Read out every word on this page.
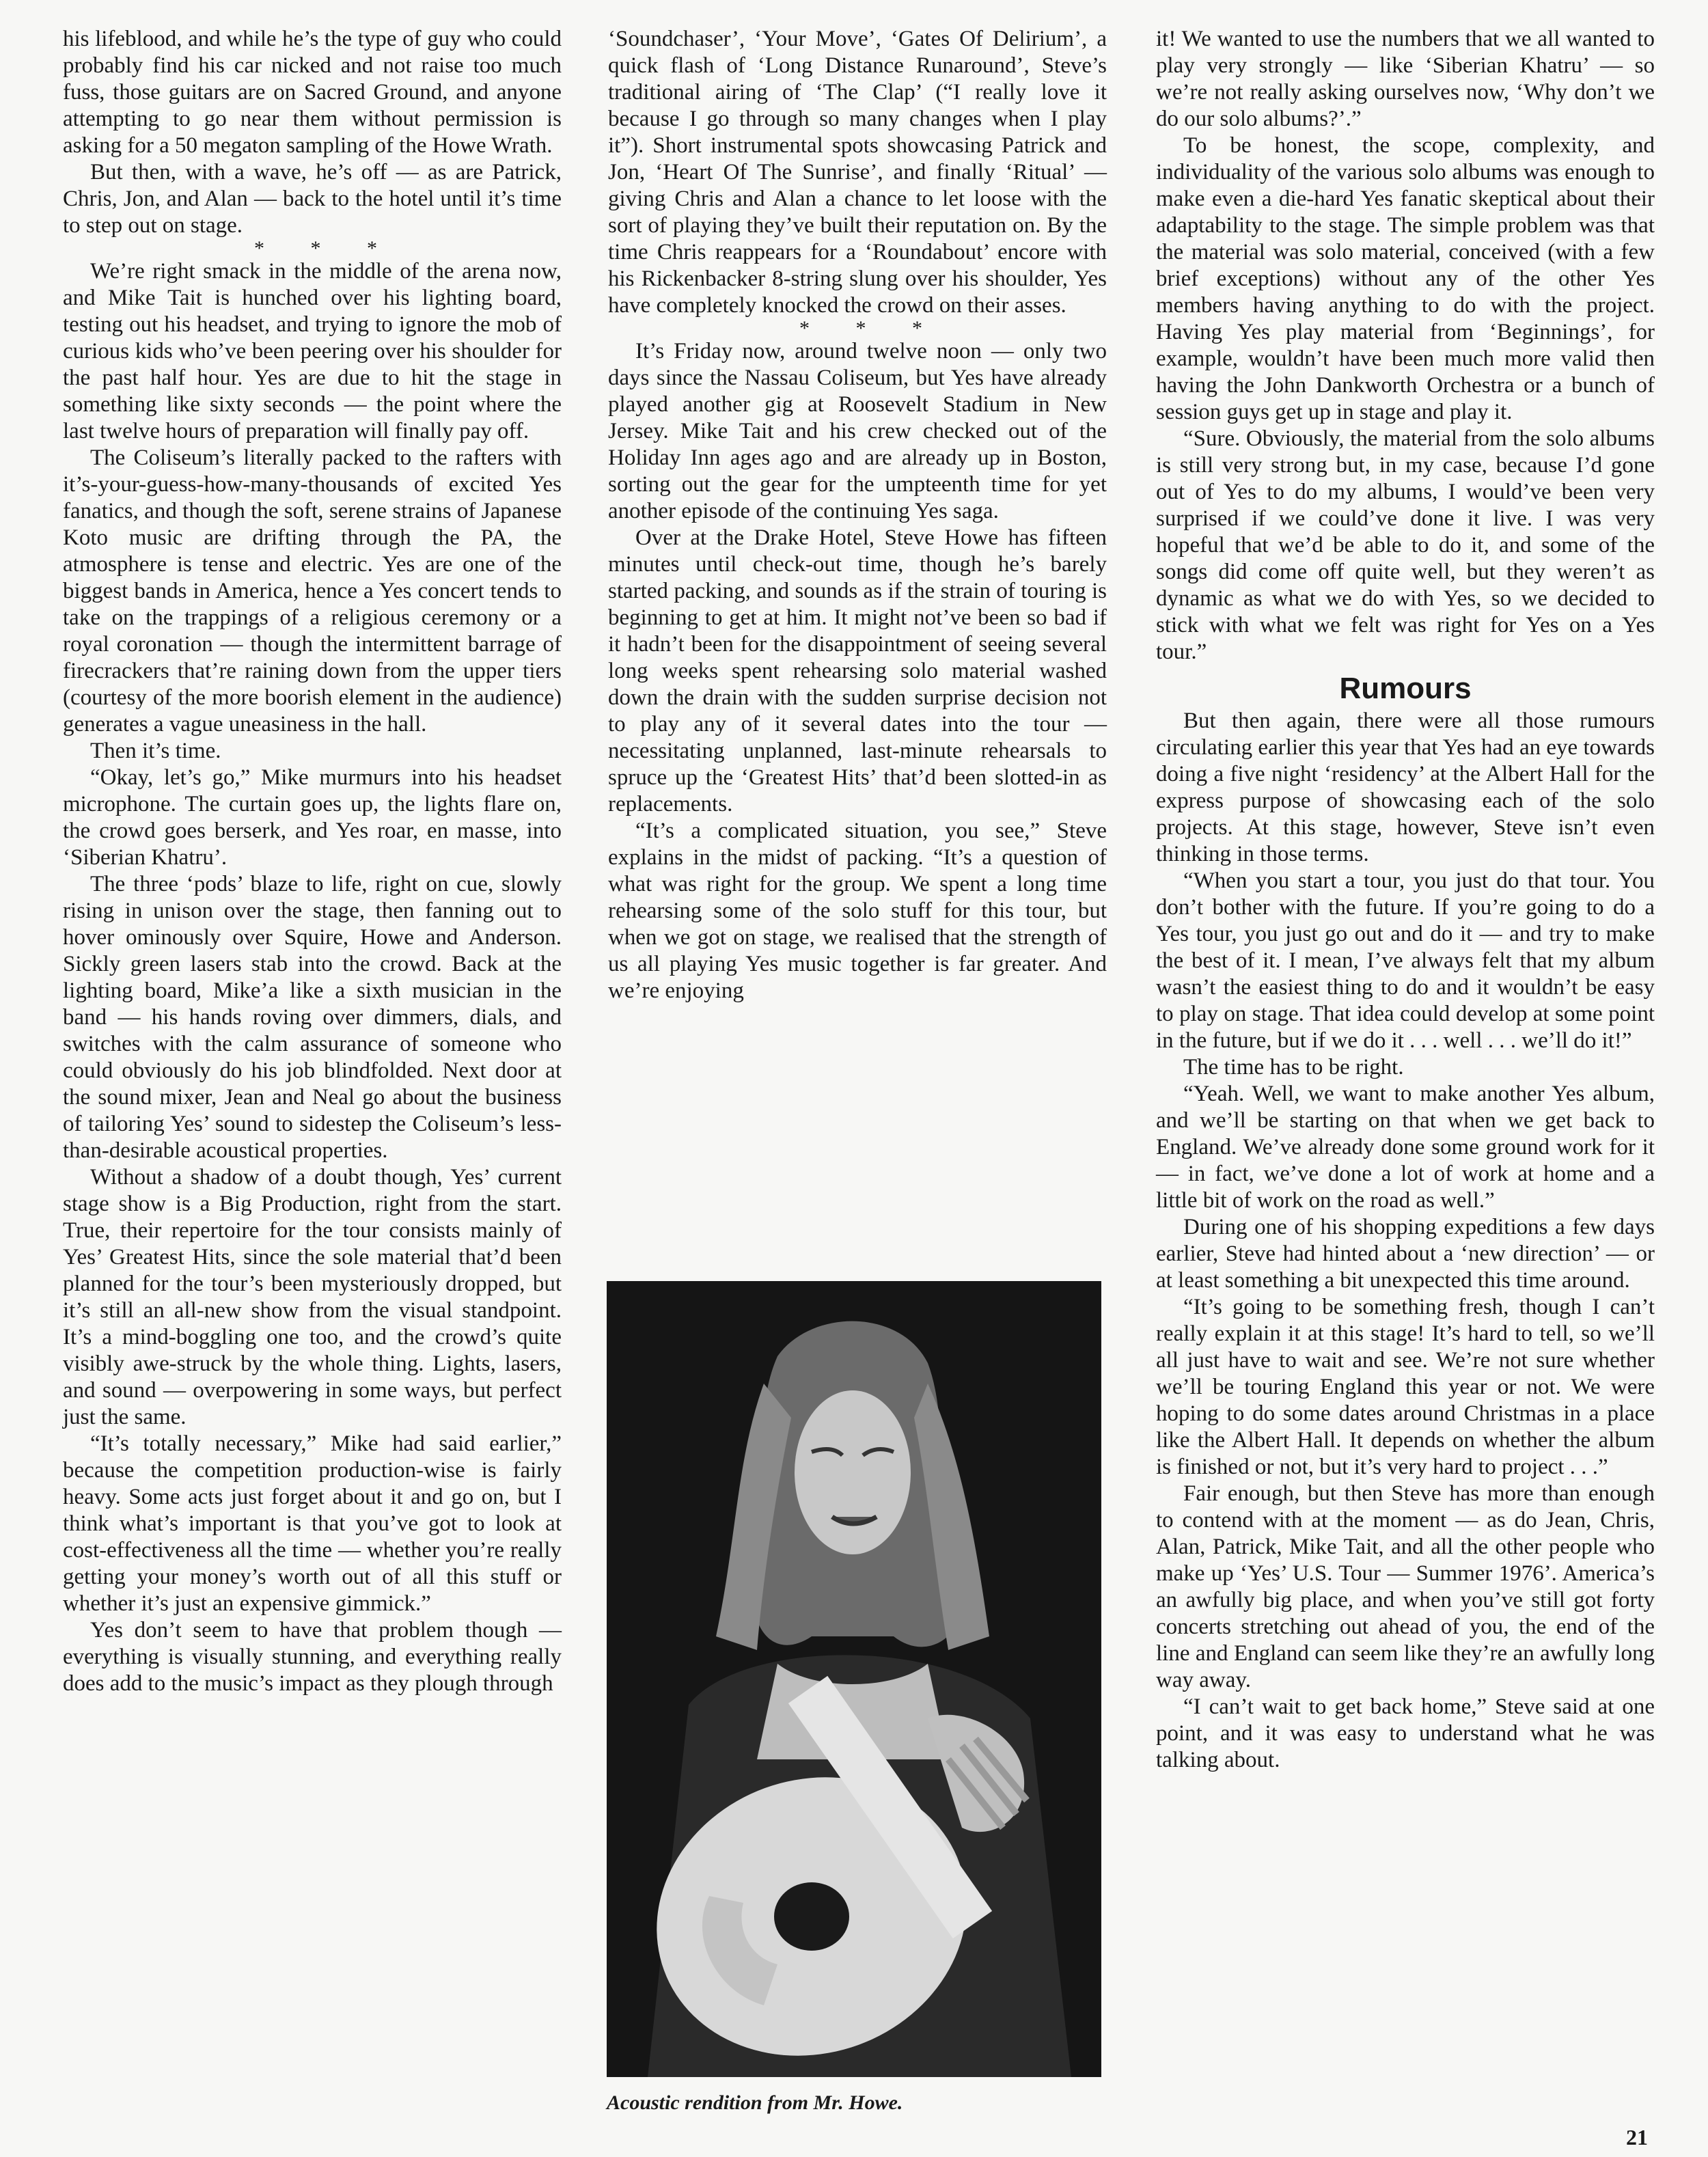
his lifeblood, and while he’s the type of guy who could probably find his car nicked and not raise too much fuss, those guitars are on Sacred Ground, and anyone attempting to go near them without permission is asking for a 50 megaton sampling of the Howe Wrath.

But then, with a wave, he’s off — as are Patrick, Chris, Jon, and Alan — back to the hotel until it’s time to step out on stage.

* * *

We’re right smack in the middle of the arena now, and Mike Tait is hunched over his lighting board, testing out his headset, and trying to ignore the mob of curious kids who’ve been peering over his shoulder for the past half hour. Yes are due to hit the stage in something like sixty seconds — the point where the last twelve hours of preparation will finally pay off.

The Coliseum’s literally packed to the rafters with it’s-your-guess-how-many-thousands of excited Yes fanatics, and though the soft, serene strains of Japanese Koto music are drifting through the PA, the atmosphere is tense and electric. Yes are one of the biggest bands in America, hence a Yes concert tends to take on the trappings of a religious ceremony or a royal coronation — though the intermittent barrage of firecrackers that’re raining down from the upper tiers (courtesy of the more boorish element in the audience) generates a vague uneasiness in the hall.

Then it’s time.

“Okay, let’s go,” Mike murmurs into his headset microphone. The curtain goes up, the lights flare on, the crowd goes berserk, and Yes roar, en masse, into ‘Siberian Khatru’.

The three ‘pods’ blaze to life, right on cue, slowly rising in unison over the stage, then fanning out to hover ominously over Squire, Howe and Anderson. Sickly green lasers stab into the crowd. Back at the lighting board, Mike’a like a sixth musician in the band — his hands roving over dimmers, dials, and switches with the calm assurance of someone who could obviously do his job blindfolded. Next door at the sound mixer, Jean and Neal go about the business of tailoring Yes’ sound to sidestep the Coliseum’s less-than-desirable acoustical properties.

Without a shadow of a doubt though, Yes’ current stage show is a Big Production, right from the start. True, their repertoire for the tour consists mainly of Yes’ Greatest Hits, since the sole material that’d been planned for the tour’s been mysteriously dropped, but it’s still an all-new show from the visual standpoint. It’s a mind-boggling one too, and the crowd’s quite visibly awe-struck by the whole thing. Lights, lasers, and sound — overpowering in some ways, but perfect just the same.

“It’s totally necessary,” Mike had said earlier,” because the competition production-wise is fairly heavy. Some acts just forget about it and go on, but I think what’s important is that you’ve got to look at cost-effectiveness all the time — whether you’re really getting your money’s worth out of all this stuff or whether it’s just an expensive gimmick.”

Yes don’t seem to have that problem though — everything is visually stunning, and everything really does add to the music’s impact as they plough through

‘Soundchaser’, ‘Your Move’, ‘Gates Of Delirium’, a quick flash of ‘Long Distance Runaround’, Steve’s traditional airing of ‘The Clap’ (“I really love it because I go through so many changes when I play it”). Short instrumental spots showcasing Patrick and Jon, ‘Heart Of The Sunrise’, and finally ‘Ritual’ — giving Chris and Alan a chance to let loose with the sort of playing they’ve built their reputation on. By the time Chris reappears for a ‘Roundabout’ encore with his Rickenbacker 8-string slung over his shoulder, Yes have completely knocked the crowd on their asses.

* * *

It’s Friday now, around twelve noon — only two days since the Nassau Coliseum, but Yes have already played another gig at Roosevelt Stadium in New Jersey. Mike Tait and his crew checked out of the Holiday Inn ages ago and are already up in Boston, sorting out the gear for the umpteenth time for yet another episode of the continuing Yes saga.

Over at the Drake Hotel, Steve Howe has fifteen minutes until check-out time, though he’s barely started packing, and sounds as if the strain of touring is beginning to get at him. It might not’ve been so bad if it hadn’t been for the disappointment of seeing several long weeks spent rehearsing solo material washed down the drain with the sudden surprise decision not to play any of it several dates into the tour — necessitating unplanned, last-minute rehearsals to spruce up the ‘Greatest Hits’ that’d been slotted-in as replacements.

“It’s a complicated situation, you see,” Steve explains in the midst of packing. “It’s a question of what was right for the group. We spent a long time rehearsing some of the solo stuff for this tour, but when we got on stage, we realised that the strength of us all playing Yes music together is far greater. And we’re enjoying

Acoustic rendition from Mr. Howe.

it! We wanted to use the numbers that we all wanted to play very strongly — like ‘Siberian Khatru’ — so we’re not really asking ourselves now, ‘Why don’t we do our solo albums?’.”

To be honest, the scope, complexity, and individuality of the various solo albums was enough to make even a die-hard Yes fanatic skeptical about their adaptability to the stage. The simple problem was that the material was solo material, conceived (with a few brief exceptions) without any of the other Yes members having anything to do with the project. Having Yes play material from ‘Beginnings’, for example, wouldn’t have been much more valid then having the John Dankworth Orchestra or a bunch of session guys get up in stage and play it.

“Sure. Obviously, the material from the solo albums is still very strong but, in my case, because I’d gone out of Yes to do my albums, I would’ve been very surprised if we could’ve done it live. I was very hopeful that we’d be able to do it, and some of the songs did come off quite well, but they weren’t as dynamic as what we do with Yes, so we decided to stick with what we felt was right for Yes on a Yes tour.”

Rumours

But then again, there were all those rumours circulating earlier this year that Yes had an eye towards doing a five night ‘residency’ at the Albert Hall for the express purpose of showcasing each of the solo projects. At this stage, however, Steve isn’t even thinking in those terms.

“When you start a tour, you just do that tour. You don’t bother with the future. If you’re going to do a Yes tour, you just go out and do it — and try to make the best of it. I mean, I’ve always felt that my album wasn’t the easiest thing to do and it wouldn’t be easy to play on stage. That idea could develop at some point in the future, but if we do it . . . well . . . we’ll do it!”

The time has to be right.

“Yeah. Well, we want to make another Yes album, and we’ll be starting on that when we get back to England. We’ve already done some ground work for it — in fact, we’ve done a lot of work at home and a little bit of work on the road as well.”

During one of his shopping expeditions a few days earlier, Steve had hinted about a ‘new direction’ — or at least something a bit unexpected this time around.

“It’s going to be something fresh, though I can’t really explain it at this stage! It’s hard to tell, so we’ll all just have to wait and see. We’re not sure whether we’ll be touring England this year or not. We were hoping to do some dates around Christmas in a place like the Albert Hall. It depends on whether the album is finished or not, but it’s very hard to project . . .”

Fair enough, but then Steve has more than enough to contend with at the moment — as do Jean, Chris, Alan, Patrick, Mike Tait, and all the other people who make up ‘Yes’ U.S. Tour — Summer 1976’. America’s an awfully big place, and when you’ve still got forty concerts stretching out ahead of you, the end of the line and England can seem like they’re an awfully long way away.

“I can’t wait to get back home,” Steve said at one point, and it was easy to understand what he was talking about.

21
